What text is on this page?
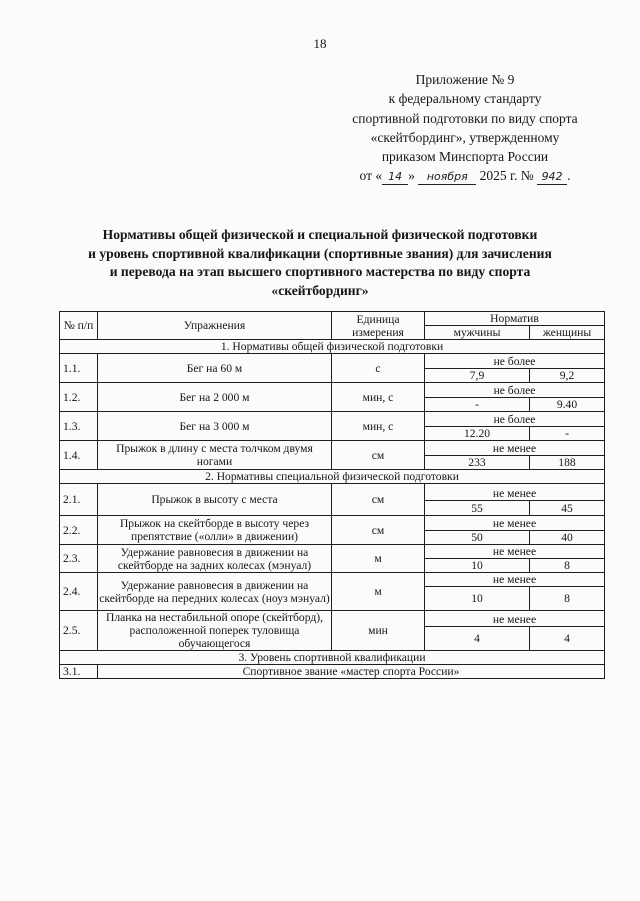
18
Приложение № 9
к федеральному стандарту
спортивной подготовки по виду спорта
«скейтбординг», утвержденному
приказом Минспорта России
от « 14 » ноября 2025 г. № 942 .
Нормативы общей физической и специальной физической подготовки
и уровень спортивной квалификации (спортивные звания) для зачисления
и перевода на этап высшего спортивного мастерства по виду спорта
«скейтбординг»
№ п/п	Упражнения	Единица измерения	Норматив	
			мужчины	женщины
1. Нормативы общей физической подготовки				
1.1.	Бег на 60 м	с	не более	
			7,9	9,2
1.2.	Бег на 2 000 м	мин, с	не более	
			-	9.40
1.3.	Бег на 3 000 м	мин, с	не более	
			12.20	-
1.4.	Прыжок в длину с места толчком двумя ногами	см	не менее	
			233	188
2. Нормативы специальной физической подготовки				
2.1.	Прыжок в высоту с места	см	не менее	
			55	45
2.2.	Прыжок на скейтборде в высоту через препятствие («олли» в движении)	см	не менее	
			50	40
2.3.	Удержание равновесия в движении на скейтборде на задних колесах (мэнуал)	м	не менее	
			10	8
2.4.	Удержание равновесия в движении на скейтборде на передних колесах (ноуз мэнуал)	м	не менее	
			10	8
2.5.	Планка на нестабильной опоре (скейтборд), расположенной поперек туловища обучающегося	мин	не менее	
			4	4
3. Уровень спортивной квалификации				
3.1.	Спортивное звание «мастер спорта России»			
